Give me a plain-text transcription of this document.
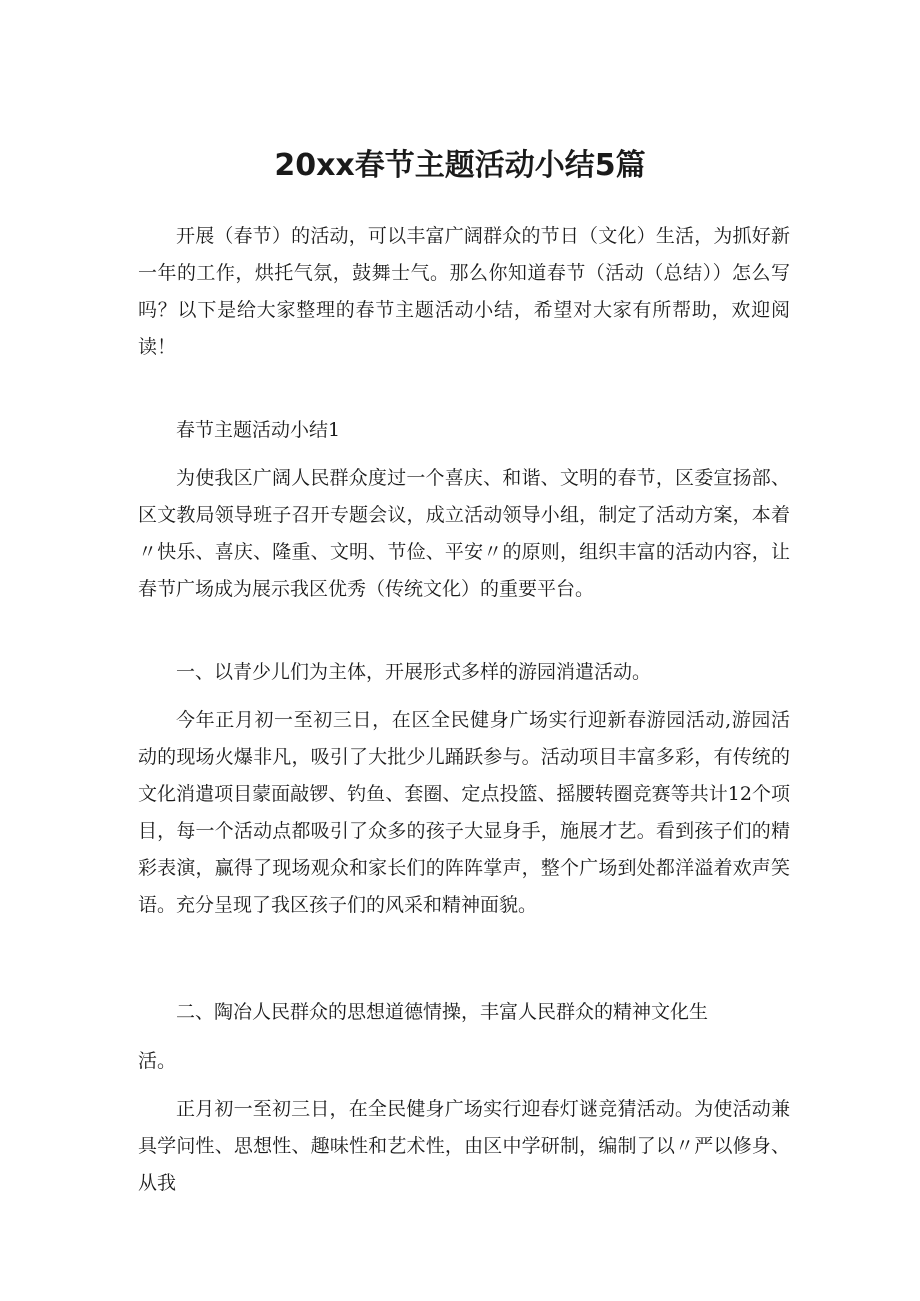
20xx春节主题活动小结5篇

开展（春节）的活动，可以丰富广阔群众的节日（文化）生活，为抓好新一年的工作，烘托气氛，鼓舞士气。那么你知道春节（活动（总结））怎么写吗？以下是给大家整理的春节主题活动小结，希望对大家有所帮助，欢迎阅读！

春节主题活动小结1

为使我区广阔人民群众度过一个喜庆、和谐、文明的春节，区委宣扬部、区文教局领导班子召开专题会议，成立活动领导小组，制定了活动方案，本着〃快乐、喜庆、隆重、文明、节俭、平安〃的原则，组织丰富的活动内容，让春节广场成为展示我区优秀（传统文化）的重要平台。

一、以青少儿们为主体，开展形式多样的游园消遣活动。

今年正月初一至初三日，在区全民健身广场实行迎新春游园活动,游园活动的现场火爆非凡，吸引了大批少儿踊跃参与。活动项目丰富多彩，有传统的文化消遣项目蒙面敲锣、钓鱼、套圈、定点投篮、摇腰转圈竞赛等共计12个项目，每一个活动点都吸引了众多的孩子大显身手，施展才艺。看到孩子们的精彩表演，赢得了现场观众和家长们的阵阵掌声，整个广场到处都洋溢着欢声笑语。充分呈现了我区孩子们的风采和精神面貌。

二、陶冶人民群众的思想道德情操，丰富人民群众的精神文化生

活。

正月初一至初三日，在全民健身广场实行迎春灯谜竞猜活动。为使活动兼具学问性、思想性、趣味性和艺术性，由区中学研制，编制了以〃严以修身、从我
